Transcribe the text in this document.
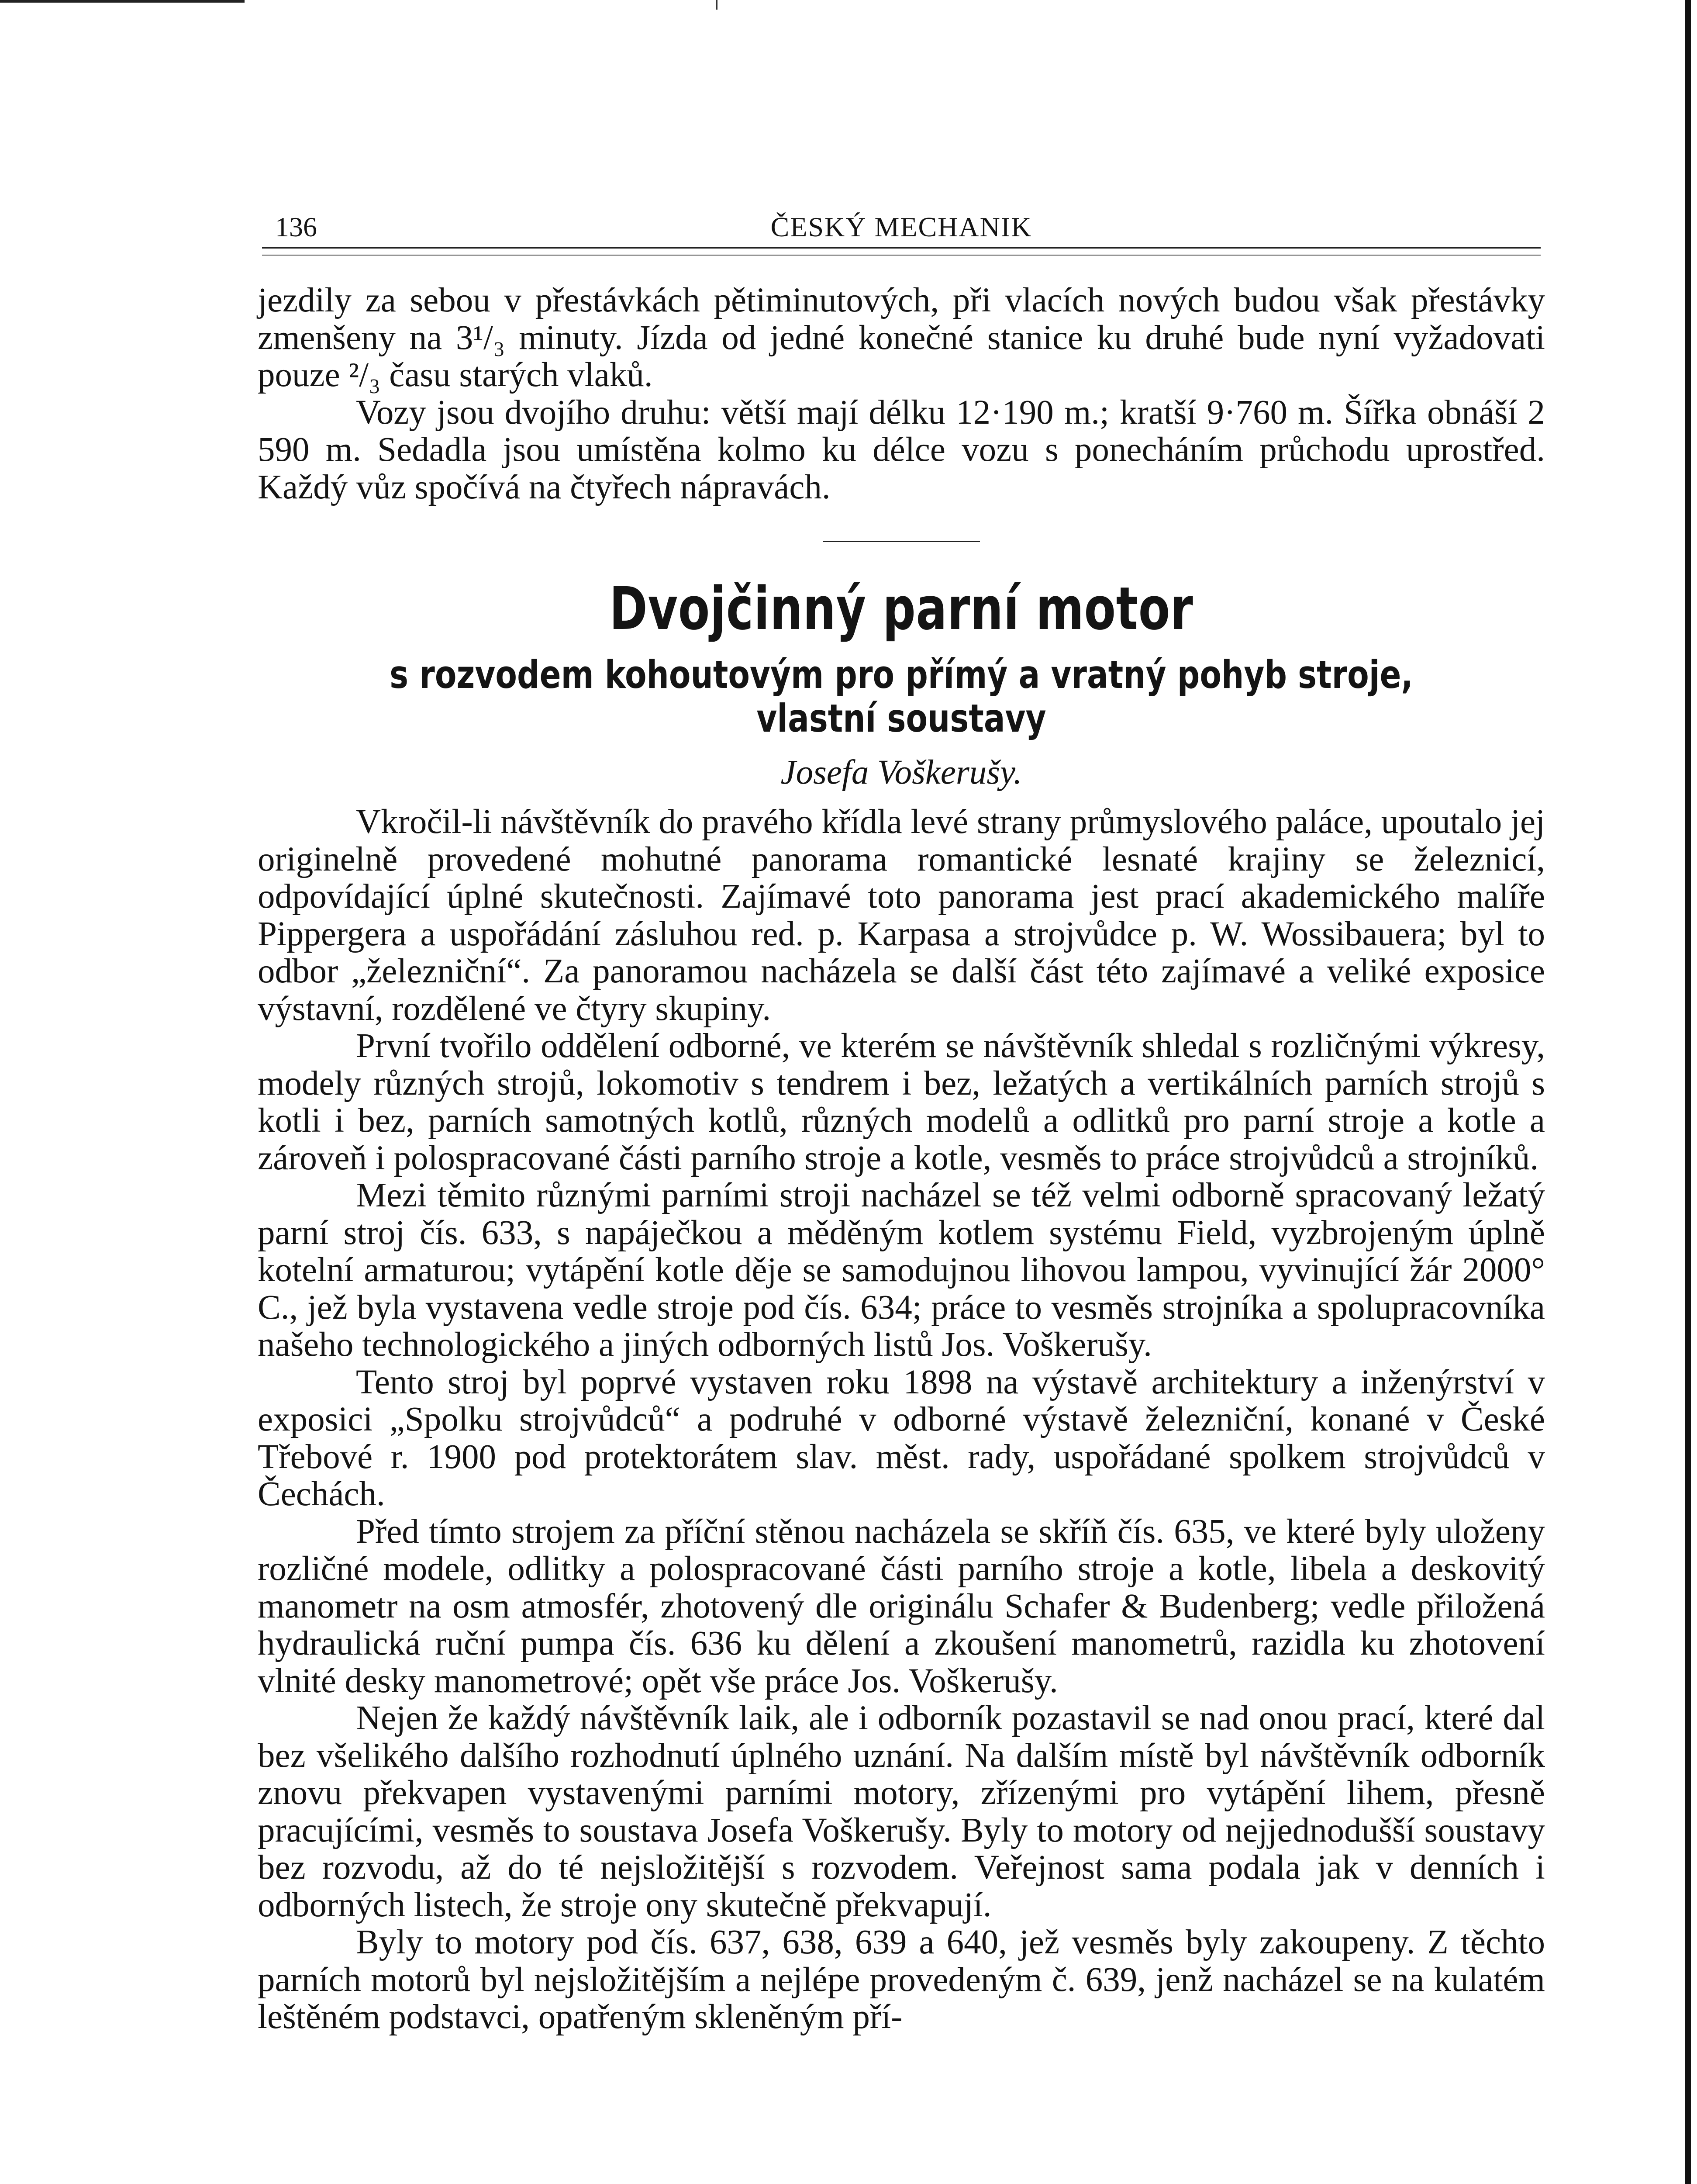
136	ČESKÝ MECHANIK

jezdily za sebou v přestávkách pětiminutových, při vlacích nových budou však přestávky zmenšeny na 3¹/₃ minuty. Jízda od jedné konečné stanice ku druhé bude nyní vyžadovati pouze ²/₃ času starých vlaků.

Vozy jsou dvojího druhu: větší mají délku 12·190 m.; kratší 9·760 m. Šířka obnáší 2 590 m. Sedadla jsou umístěna kolmo ku délce vozu s ponecháním průchodu uprostřed. Každý vůz spočívá na čtyřech nápravách.

Dvojčinný parní motor
s rozvodem kohoutovým pro přímý a vratný pohyb stroje, vlastní soustavy
Josefa Voškerušy.

Vkročil-li návštěvník do pravého křídla levé strany průmyslového paláce, upoutalo jej originelně provedené mohutné panorama romantické lesnaté krajiny se železnicí, odpovídající úplné skutečnosti. Zajímavé toto panorama jest prací akademického malíře Pippergera a uspořádání zásluhou red. p. Karpasa a strojvůdce p. W. Wossibauera; byl to odbor „železniční“. Za panoramou nacházela se další část této zajímavé a veliké exposice výstavní, rozdělené ve čtyry skupiny.

První tvořilo oddělení odborné, ve kterém se návštěvník shledal s rozličnými výkresy, modely různých strojů, lokomotiv s tendrem i bez, ležatých a vertikálních parních strojů s kotli i bez, parních samotných kotlů, různých modelů a odlitků pro parní stroje a kotle a zároveň i polospracované části parního stroje a kotle, vesměs to práce strojvůdců a strojníků.

Mezi těmito různými parními stroji nacházel se též velmi odborně spracovaný ležatý parní stroj čís. 633, s napáječkou a měděným kotlem systému Field, vyzbrojeným úplně kotelní armaturou; vytápění kotle děje se samodujnou lihovou lampou, vyvinující žár 2000° C., jež byla vystavena vedle stroje pod čís. 634; práce to vesměs strojníka a spolupracovníka našeho technologického a jiných odborných listů Jos. Voškerušy.

Tento stroj byl poprvé vystaven roku 1898 na výstavě architektury a inženýrství v exposici „Spolku strojvůdců“ a podruhé v odborné výstavě železniční, konané v České Třebové r. 1900 pod protektorátem slav. měst. rady, uspořádané spolkem strojvůdců v Čechách.

Před tímto strojem za příční stěnou nacházela se skříň čís. 635, ve které byly uloženy rozličné modele, odlitky a polospracované části parního stroje a kotle, libela a deskovitý manometr na osm atmosfér, zhotovený dle originálu Schafer & Budenberg; vedle přiložená hydraulická ruční pumpa čís. 636 ku dělení a zkoušení manometrů, razidla ku zhotovení vlnité desky manometrové; opět vše práce Jos. Voškerušy.

Nejen že každý návštěvník laik, ale i odborník pozastavil se nad onou prací, které dal bez všelikého dalšího rozhodnutí úplného uznání. Na dalším místě byl návštěvník odborník znovu překvapen vystavenými parními motory, zřízenými pro vytápění lihem, přesně pracujícími, vesměs to soustava Josefa Voškerušy. Byly to motory od nejjednodušší soustavy bez rozvodu, až do té nejsložitější s rozvodem. Veřejnost sama podala jak v denních i odborných listech, že stroje ony skutečně překvapují.

Byly to motory pod čís. 637, 638, 639 a 640, jež vesměs byly zakoupeny. Z těchto parních motorů byl nejsložitějším a nejlépe provedeným č. 639, jenž nacházel se na kulatém leštěném podstavci, opatřeným skleněným pří-
